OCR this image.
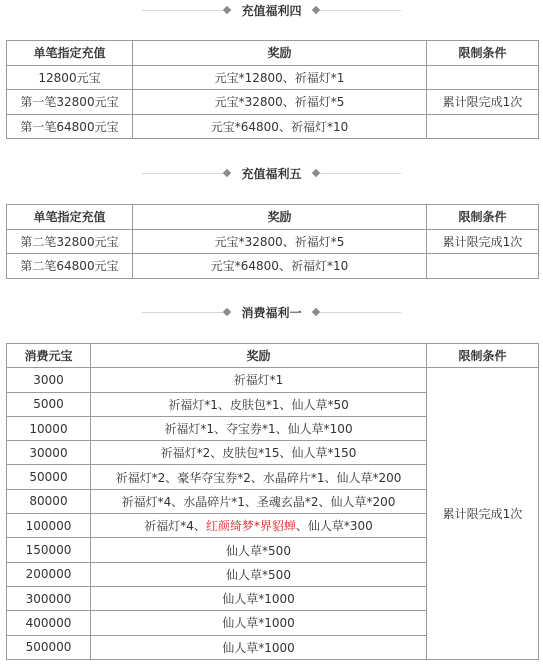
充值福利四
单笔指定充值	奖励	限制条件
12800元宝	元宝*12800、祈福灯*1	
第一笔32800元宝	元宝*32800、祈福灯*5	累计限完成1次
第一笔64800元宝	元宝*64800、祈福灯*10	
充值福利五
单笔指定充值	奖励	限制条件
第二笔32800元宝	元宝*32800、祈福灯*5	累计限完成1次
第二笔64800元宝	元宝*64800、祈福灯*10	
消费福利一
消费元宝	奖励	限制条件
3000	祈福灯*1	累计限完成1次
5000	祈福灯*1、皮肤包*1、仙人草*50	
10000	祈福灯*1、夺宝券*1、仙人草*100	
30000	祈福灯*2、皮肤包*15、仙人草*150	
50000	祈福灯*2、豪华夺宝券*2、水晶碎片*1、仙人草*200	
80000	祈福灯*4、水晶碎片*1、圣魂玄晶*2、仙人草*200	
100000	祈福灯*4、红颜绮梦*界貂蝉、仙人草*300	
150000	仙人草*500	
200000	仙人草*500	
300000	仙人草*1000	
400000	仙人草*1000	
500000	仙人草*1000	
